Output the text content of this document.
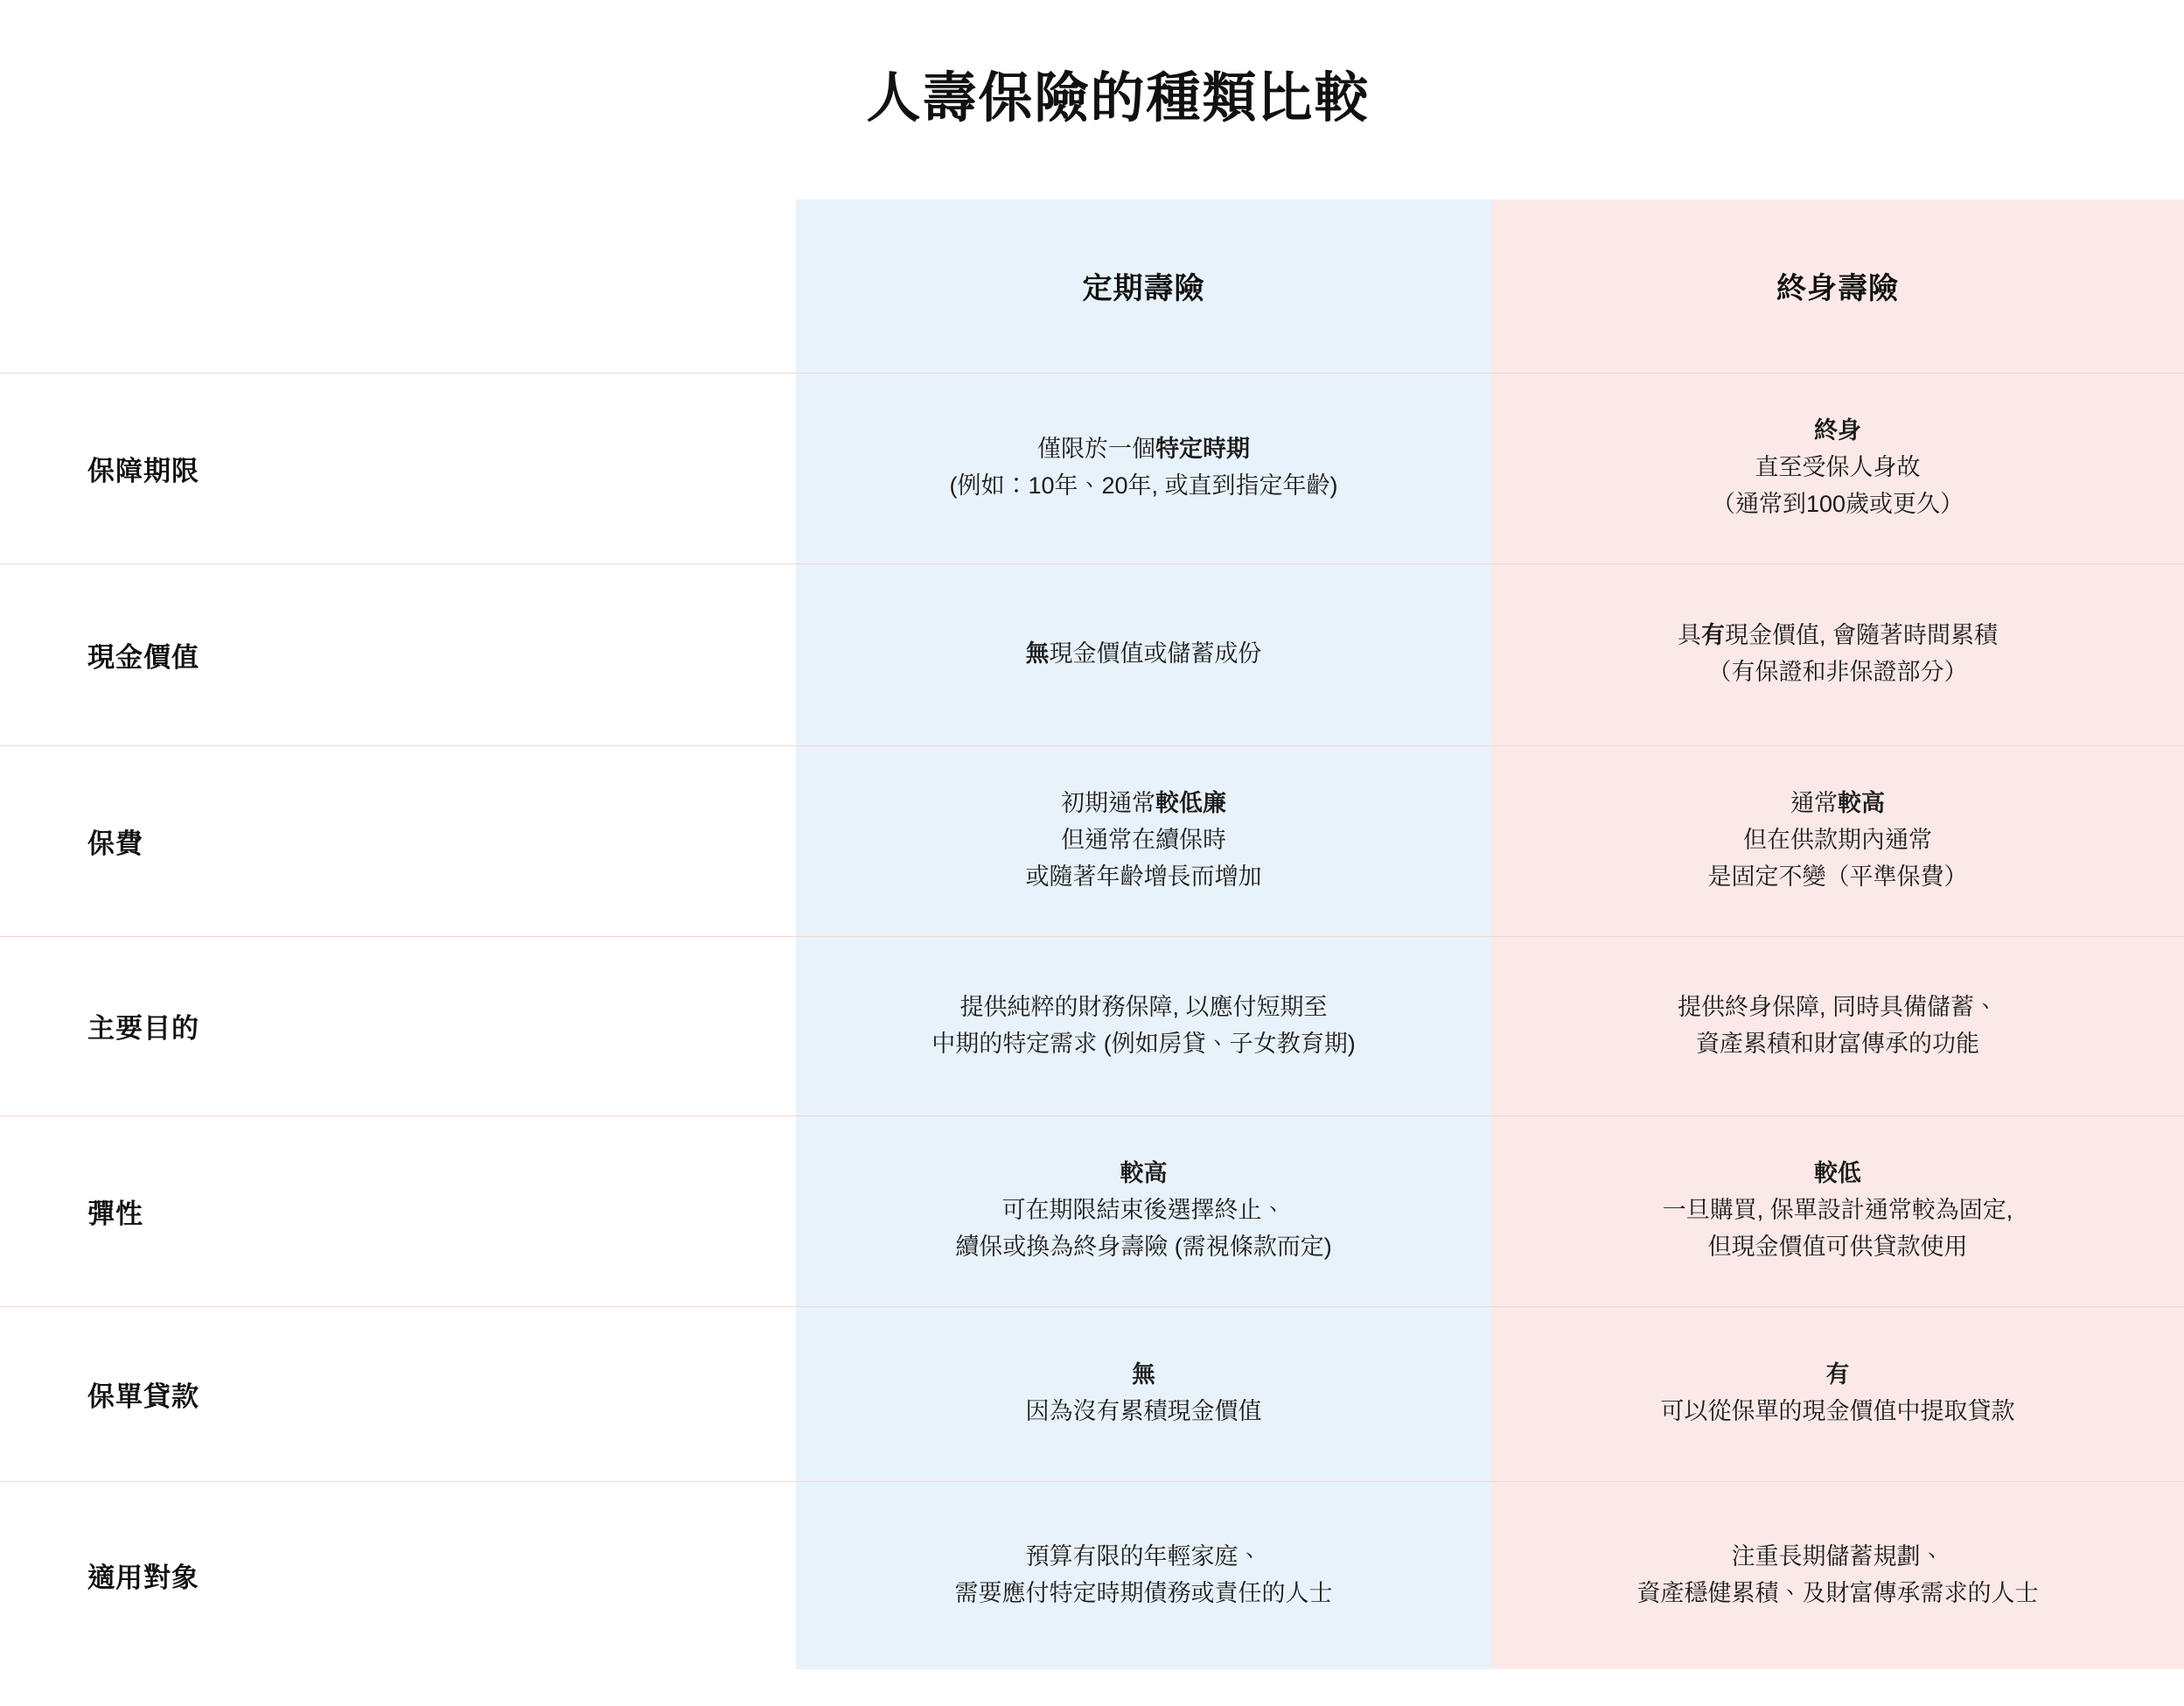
人壽保險的種類比較
	定期壽險	終身壽險
保障期限	僅限於一個特定時期
(例如：10年、20年, 或直到指定年齡)	終身
直至受保人身故
（通常到100歲或更久）

現金價值	無現金價值或儲蓄成份	具有現金價值, 會隨著時間累積
（有保證和非保證部分）

保費	初期通常較低廉
但通常在續保時
或隨著年齡增長而增加	通常較高
但在供款期內通常
是固定不變（平準保費）

主要目的	提供純粹的財務保障, 以應付短期至
中期的特定需求 (例如房貸、子女教育期)	提供終身保障, 同時具備儲蓄、
資產累積和財富傳承的功能

彈性	較高
可在期限結束後選擇終止、
續保或換為終身壽險 (需視條款而定)	較低
一旦購買, 保單設計通常較為固定,
但現金價值可供貸款使用

保單貸款	無
因為沒有累積現金價值	有
可以從保單的現金價值中提取貸款

適用對象	預算有限的年輕家庭、
需要應付特定時期債務或責任的人士	注重長期儲蓄規劃、
資產穩健累積、及財富傳承需求的人士
